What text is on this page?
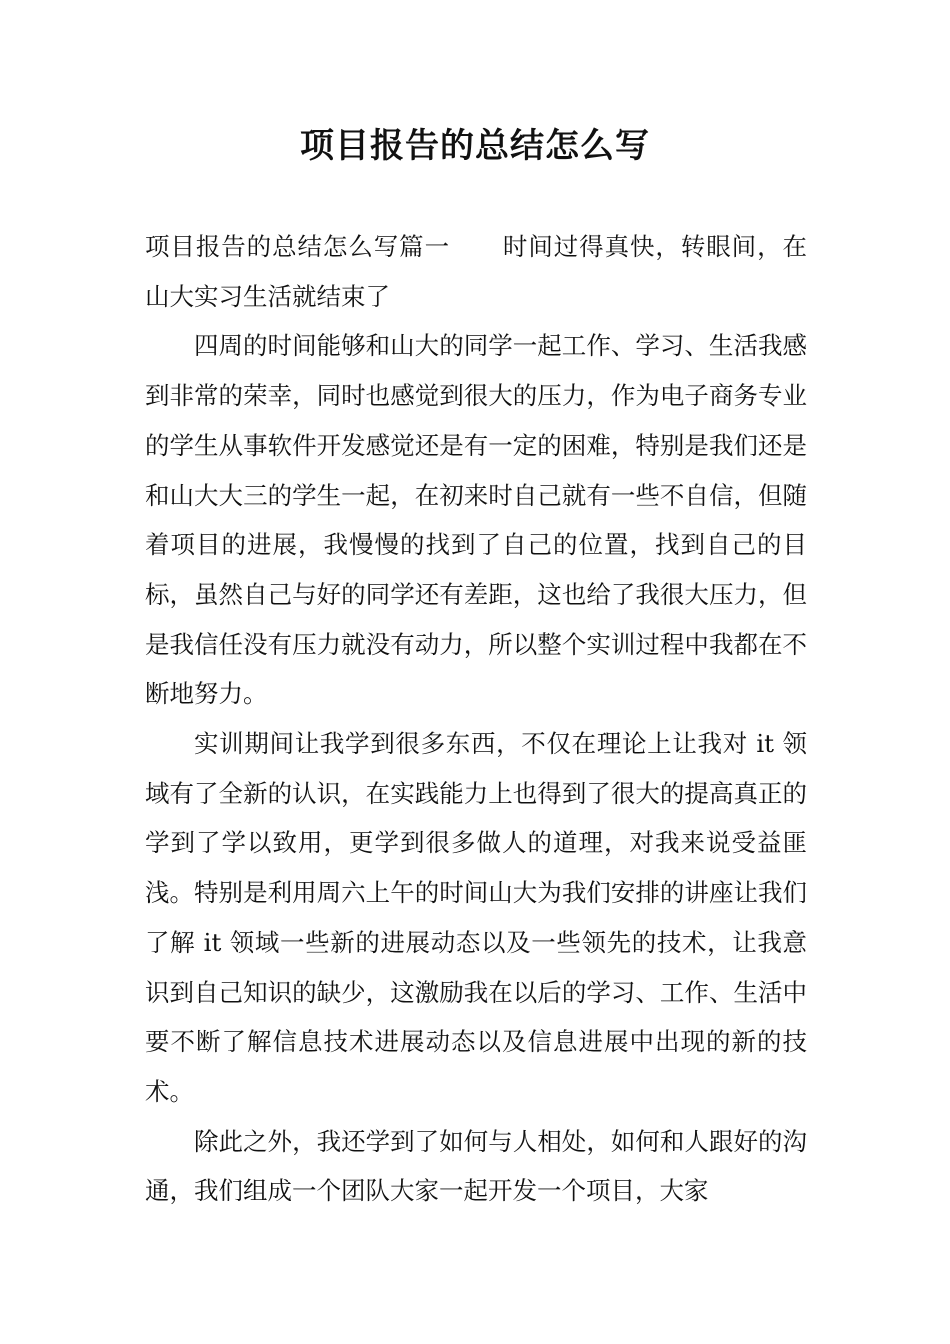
项目报告的总结怎么写

项目报告的总结怎么写篇一 时间过得真快，转眼间，在山大实习生活就结束了

四周的时间能够和山大的同学一起工作、学习、生活我感到非常的荣幸，同时也感觉到很大的压力，作为电子商务专业的学生从事软件开发感觉还是有一定的困难，特别是我们还是和山大大三的学生一起，在初来时自己就有一些不自信，但随着项目的进展，我慢慢的找到了自己的位置，找到自己的目标，虽然自己与好的同学还有差距，这也给了我很大压力，但是我信任没有压力就没有动力，所以整个实训过程中我都在不断地努力。

实训期间让我学到很多东西，不仅在理论上让我对 it 领域有了全新的认识，在实践能力上也得到了很大的提高真正的学到了学以致用，更学到很多做人的道理，对我来说受益匪浅。特别是利用周六上午的时间山大为我们安排的讲座让我们了解 it 领域一些新的进展动态以及一些领先的技术，让我意识到自己知识的缺少，这激励我在以后的学习、工作、生活中要不断了解信息技术进展动态以及信息进展中出现的新的技术。

除此之外，我还学到了如何与人相处，如何和人跟好的沟通，我们组成一个团队大家一起开发一个项目，大家
